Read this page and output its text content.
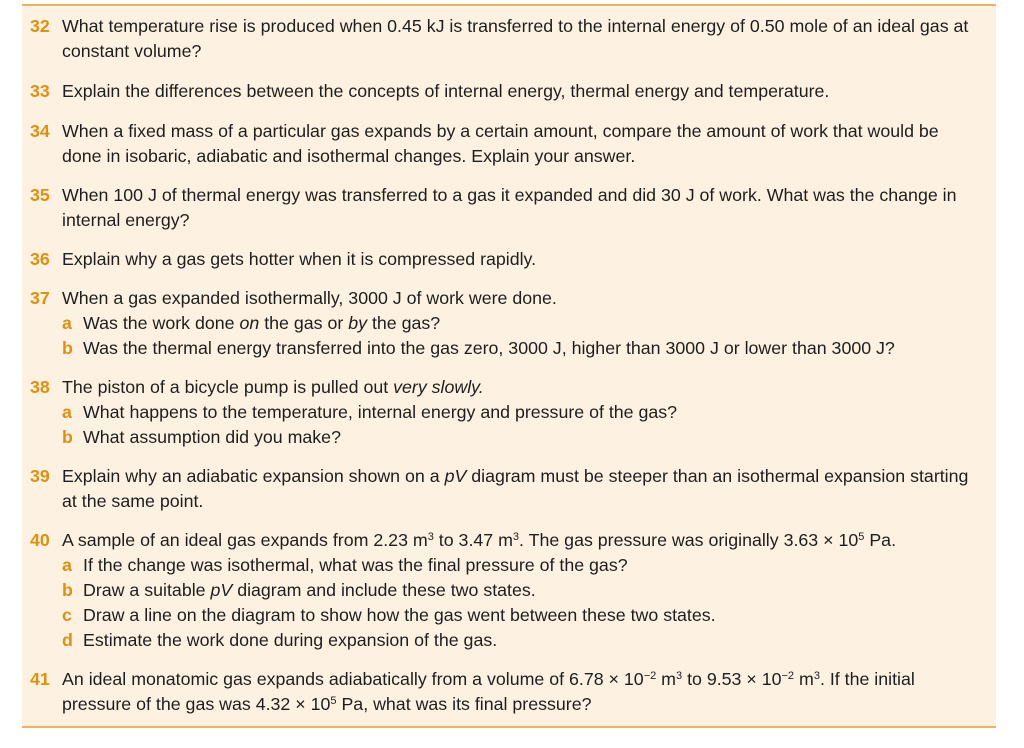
32 What temperature rise is produced when 0.45 kJ is transferred to the internal energy of 0.50 mole of an ideal gas at constant volume?
33 Explain the differences between the concepts of internal energy, thermal energy and temperature.
34 When a fixed mass of a particular gas expands by a certain amount, compare the amount of work that would be done in isobaric, adiabatic and isothermal changes. Explain your answer.
35 When 100 J of thermal energy was transferred to a gas it expanded and did 30 J of work. What was the change in internal energy?
36 Explain why a gas gets hotter when it is compressed rapidly.
37 When a gas expanded isothermally, 3000 J of work were done.
a Was the work done on the gas or by the gas?
b Was the thermal energy transferred into the gas zero, 3000 J, higher than 3000 J or lower than 3000 J?
38 The piston of a bicycle pump is pulled out very slowly.
a What happens to the temperature, internal energy and pressure of the gas?
b What assumption did you make?
39 Explain why an adiabatic expansion shown on a pV diagram must be steeper than an isothermal expansion starting at the same point.
40 A sample of an ideal gas expands from 2.23 $m^3$ to 3.47 $m^3$. The gas pressure was originally $3.63 \times 10^5$ Pa.
a If the change was isothermal, what was the final pressure of the gas?
b Draw a suitable pV diagram and include these two states.
c Draw a line on the diagram to show how the gas went between these two states.
d Estimate the work done during expansion of the gas.
41 An ideal monatomic gas expands adiabatically from a volume of $6.78 \times 10^{-2}$ $m^3$ to $9.53 \times 10^{-2}$ $m^3$. If the initial pressure of the gas was $4.32 \times 10^5$ Pa, what was its final pressure?
